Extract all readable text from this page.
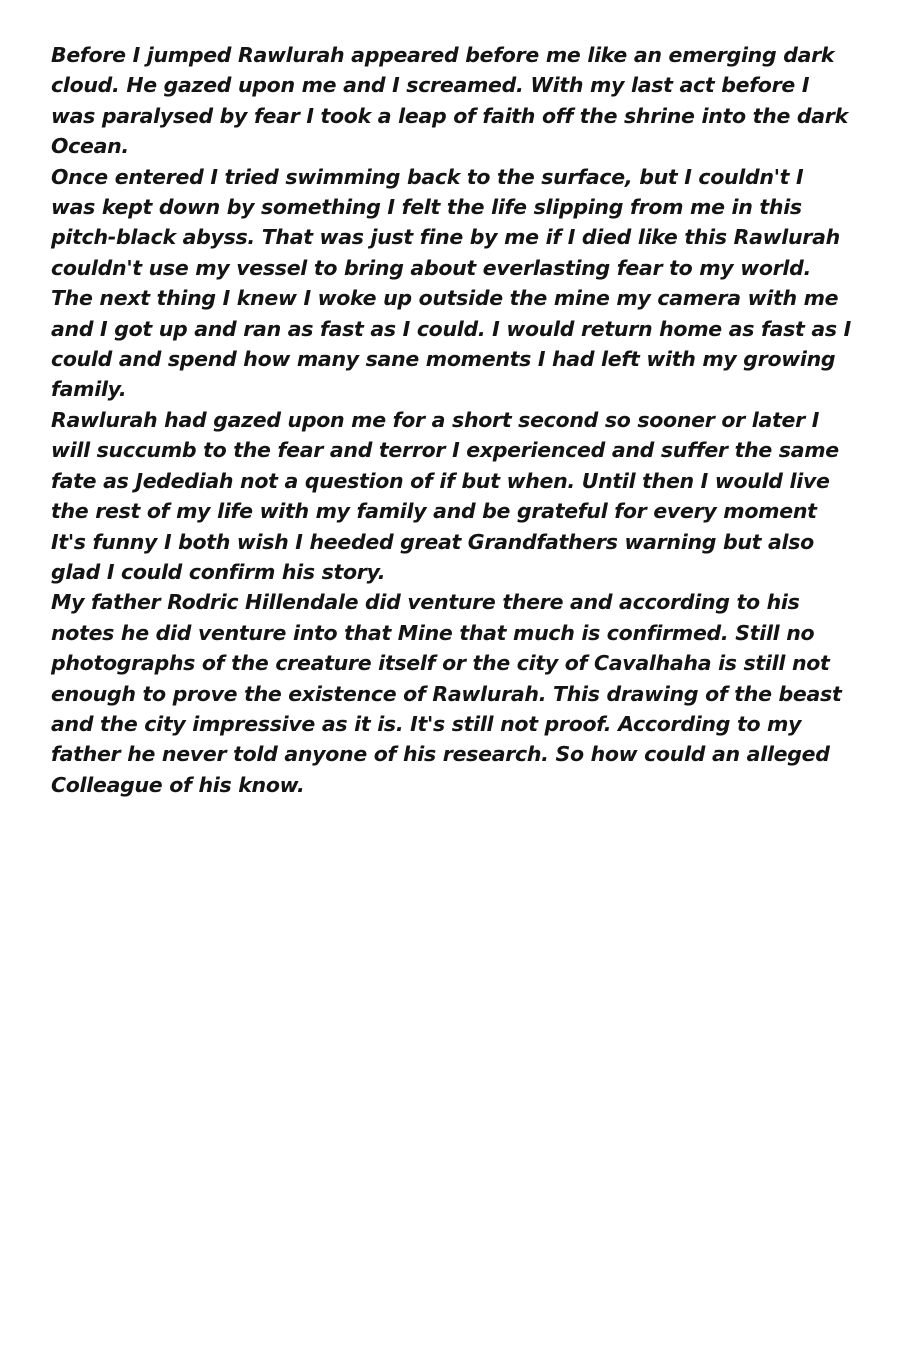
Before I jumped Rawlurah appeared before me like an emerging dark cloud. He gazed upon me and I screamed. With my last act before I was paralysed by fear I took a leap of faith off the shrine into the dark Ocean.

Once entered I tried swimming back to the surface, but I couldn't I was kept down by something I felt the life slipping from me in this pitch-black abyss. That was just fine by me if I died like this Rawlurah couldn't use my vessel to bring about everlasting fear to my world.

The next thing I knew I woke up outside the mine my camera with me and I got up and ran as fast as I could. I would return home as fast as I could and spend how many sane moments I had left with my growing family.

Rawlurah had gazed upon me for a short second so sooner or later I will succumb to the fear and terror I experienced and suffer the same fate as Jedediah not a question of if but when. Until then I would live the rest of my life with my family and be grateful for every moment It's funny I both wish I heeded great Grandfathers warning but also glad I could confirm his story.

My father Rodric Hillendale did venture there and according to his notes he did venture into that Mine that much is confirmed. Still no photographs of the creature itself or the city of Cavalhaha is still not enough to prove the existence of Rawlurah. This drawing of the beast and the city impressive as it is. It's still not proof. According to my father he never told anyone of his research. So how could an alleged Colleague of his know.
